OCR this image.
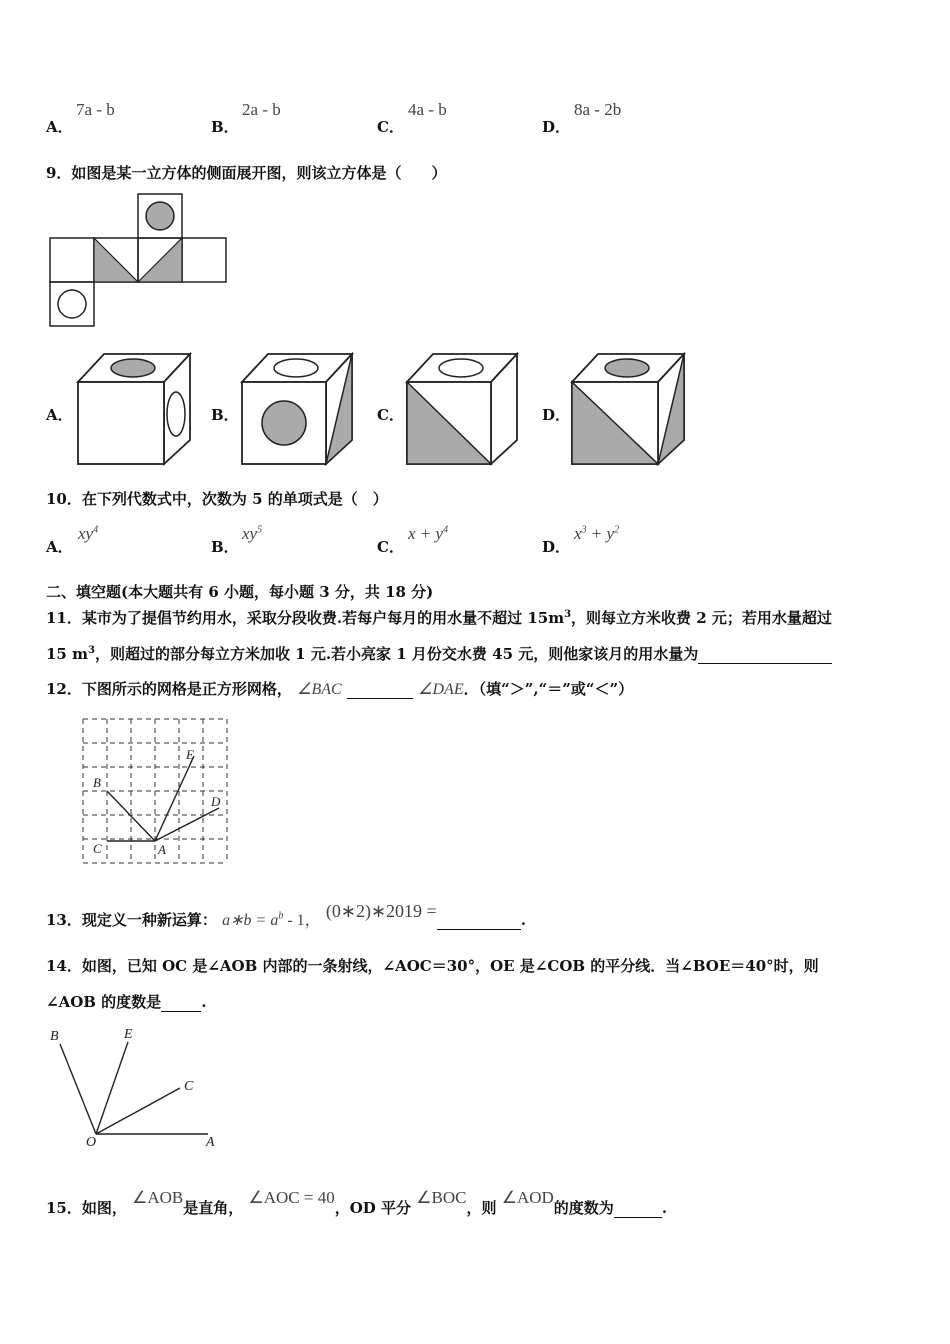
A．
7a - b
B．
2a - b
C．
4a - b
D．
8a - 2b
9．如图是某一立方体的侧面展开图，则该立方体是（　　）
A．	B．	C．	D．
10．在下列代数式中，次数为 5 的单项式是（　）
A．
$xy^4$
B．
$xy^5$
C．
$x + y^4$
D．
$x^3 + y^2$
二、填空题(本大题共有 6 小题，每小题 3 分，共 18 分)
11．某市为了提倡节约用水，采取分段收费.若每户每月的用水量不超过 $15m^3$，则每立方米收费 2 元；若用水量超过
15 $m^3$，则超过的部分每立方米加收 1 元.若小亮家 1 月份交水费 45 元，则他家该月的用水量为
12．下图所示的网格是正方形网格， ∠BAC	∠DAE．（填“＞”,“＝”或“＜”）
B
E
D
C	A
13．现定义一种新运算： a∗b = $a^b - 1$， (0∗2)∗2019 =	.
14．如图，已知 OC 是∠AOB 内部的一条射线，∠AOC＝30°，OE 是∠COB 的平分线．当∠BOE＝40°时，则
∠AOB 的度数是	.
B	E
C
O	A
15．如图， ∠AOB是直角， ∠AOC = 40，OD 平分 ∠BOC，则 ∠AOD的度数为	.
